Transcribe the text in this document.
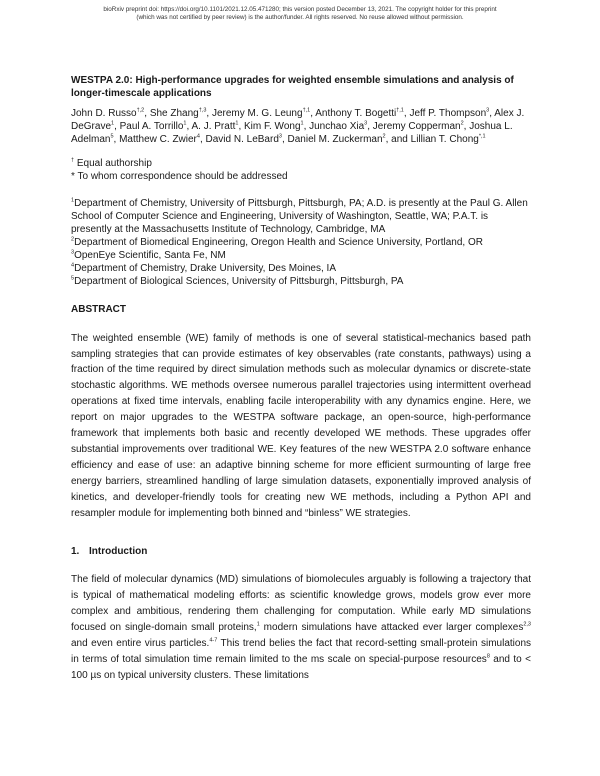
bioRxiv preprint doi: https://doi.org/10.1101/2021.12.05.471280; this version posted December 13, 2021. The copyright holder for this preprint
(which was not certified by peer review) is the author/funder. All rights reserved. No reuse allowed without permission.
WESTPA 2.0: High-performance upgrades for weighted ensemble simulations and analysis of longer-timescale applications
John D. Russo$^{\dagger,2}$, She Zhang$^{\dagger,3}$, Jeremy M. G. Leung$^{\dagger,1}$, Anthony T. Bogetti$^{\dagger,1}$, Jeff P. Thompson$^3$, Alex J. DeGrave$^1$, Paul A. Torrillo$^1$, A. J. Pratt$^1$, Kim F. Wong$^1$, Junchao Xia$^3$, Jeremy Copperman$^2$, Joshua L. Adelman$^5$, Matthew C. Zwier$^4$, David N. LeBard$^3$, Daniel M. Zuckerman$^2$, and Lillian T. Chong$^{*,1}$
† Equal authorship
* To whom correspondence should be addressed
$^1$Department of Chemistry, University of Pittsburgh, Pittsburgh, PA; A.D. is presently at the Paul G. Allen School of Computer Science and Engineering, University of Washington, Seattle, WA; P.A.T. is presently at the Massachusetts Institute of Technology, Cambridge, MA
$^2$Department of Biomedical Engineering, Oregon Health and Science University, Portland, OR
$^3$OpenEye Scientific, Santa Fe, NM
$^4$Department of Chemistry, Drake University, Des Moines, IA
$^5$Department of Biological Sciences, University of Pittsburgh, Pittsburgh, PA
ABSTRACT
The weighted ensemble (WE) family of methods is one of several statistical-mechanics based path sampling strategies that can provide estimates of key observables (rate constants, pathways) using a fraction of the time required by direct simulation methods such as molecular dynamics or discrete-state stochastic algorithms. WE methods oversee numerous parallel trajectories using intermittent overhead operations at fixed time intervals, enabling facile interoperability with any dynamics engine. Here, we report on major upgrades to the WESTPA software package, an open-source, high-performance framework that implements both basic and recently developed WE methods. These upgrades offer substantial improvements over traditional WE. Key features of the new WESTPA 2.0 software enhance efficiency and ease of use: an adaptive binning scheme for more efficient surmounting of large free energy barriers, streamlined handling of large simulation datasets, exponentially improved analysis of kinetics, and developer-friendly tools for creating new WE methods, including a Python API and resampler module for implementing both binned and “binless” WE strategies.
1. Introduction
The field of molecular dynamics (MD) simulations of biomolecules arguably is following a trajectory that is typical of mathematical modeling efforts: as scientific knowledge grows, models grow ever more complex and ambitious, rendering them challenging for computation. While early MD simulations focused on single-domain small proteins,$^1$ modern simulations have attacked ever larger complexes$^{2,3}$ and even entire virus particles.$^{4-7}$ This trend belies the fact that record-setting small-protein simulations in terms of total simulation time remain limited to the ms scale on special-purpose resources$^8$ and to < 100 µs on typical university clusters. These limitations
